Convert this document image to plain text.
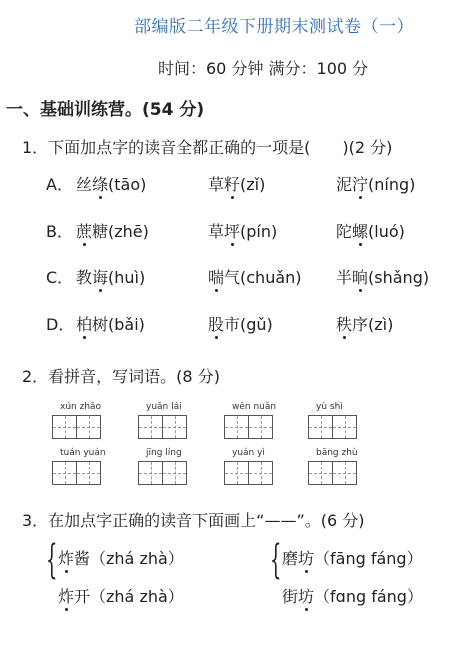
部编版二年级下册期末测试卷（一）
时间：60 分钟 满分：100 分
一、基础训练营。(54 分)
1．下面加点字的读音全都正确的一项是(　　)(2 分)
A． 丝绦(tāo)	草籽(zǐ)	泥泞(níng)
B． 蔗糖(zhē)	草坪(pín)	陀螺(luó)
C． 教诲(huì)	喘气(chuǎn) 半晌(shǎng)
D． 柏树(bǎi)	股市(gǔ)	秩序(zì)
2．看拼音，写词语。(8 分)
xún zhǎo	yuǎn lái	wēn nuǎn	yù shì
tuán yuán	jīng líng	yuán yì	bāng zhù
3．在加点字正确的读音下面画上“——”。(6 分)
{	{
炸酱（zhá zhà）
炸开（zhá zhà）
磨坊（fāng fáng）
街坊（fɑng fáng）
